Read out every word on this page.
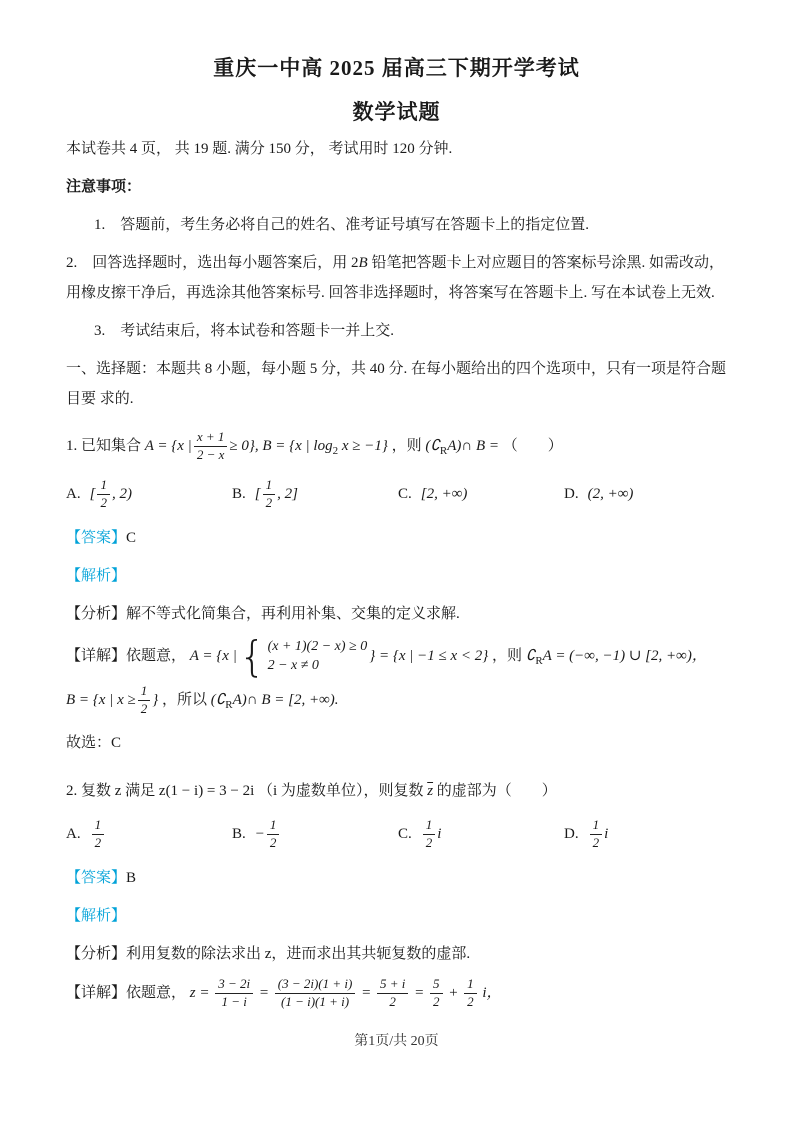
重庆一中高 2025 届高三下期开学考试
数学试题

本试卷共 4 页， 共 19 题. 满分 150 分， 考试用时 120 分钟.

注意事项：

1.　答题前，考生务必将自己的姓名、准考证号填写在答题卡上的指定位置.

2.　回答选择题时，选出每小题答案后，用 2B 铅笔把答题卡上对应题目的答案标号涂黑. 如需改动，用橡皮擦干净后，再选涂其他答案标号. 回答非选择题时，将答案写在答题卡上. 写在本试卷上无效.

3.　考试结束后，将本试卷和答题卡一并上交.

一、选择题：本题共 8 小题，每小题 5 分，共 40 分. 在每小题给出的四个选项中，只有一项是符合题目要 求的.

1. 已知集合 A = {x | $\frac{x + 1}{2 - x} \ge 0$}, B = {x | $\log_2 x \ge -1$} ，则 $(∁_RA)\cap$ B = （　　）

A. [ $\frac{1}{2}$ , 2)	B. [ $\frac{1}{2}$ , 2]	C. [2, +∞)	D. (2, +∞)

【答案】C

【解析】

【分析】解不等式化简集合，再利用补集、交集的定义求解.

【详解】依题意， A = {x | { (x + 1)(2 − x) ≥ 0
2 − x ≠ 0
} = {x | −1 ≤ x < 2} ，则 $∁_RA$ = (−∞, −1) ∪ [2, +∞)，

B = {x | $x \ge \frac{1}{2}$ } ，所以 $(∁_RA)\cap$ B = [2, +∞).

故选：C

2. 复数 z 满足 z(1 − i) = 3 − 2i （i 为虚数单位），则复数 $\overline{z}$ 的虚部为（　　）

A. $\frac{1}{2}$	B. − $\frac{1}{2}$	C. $\frac{1}{2}$ i	D. $\frac{1}{2}$ i

【答案】B

【解析】

【分析】利用复数的除法求出 z，进而求出其共轭复数的虚部.

【详解】依题意， $z = \frac{3 - 2i}{1 - i} = \frac{(3 - 2i)(1 + i)}{(1 - i)(1 + i)} = \frac{5 + i}{2} = \frac{5}{2} + \frac{1}{2}$ i，

第1页/共 20页
